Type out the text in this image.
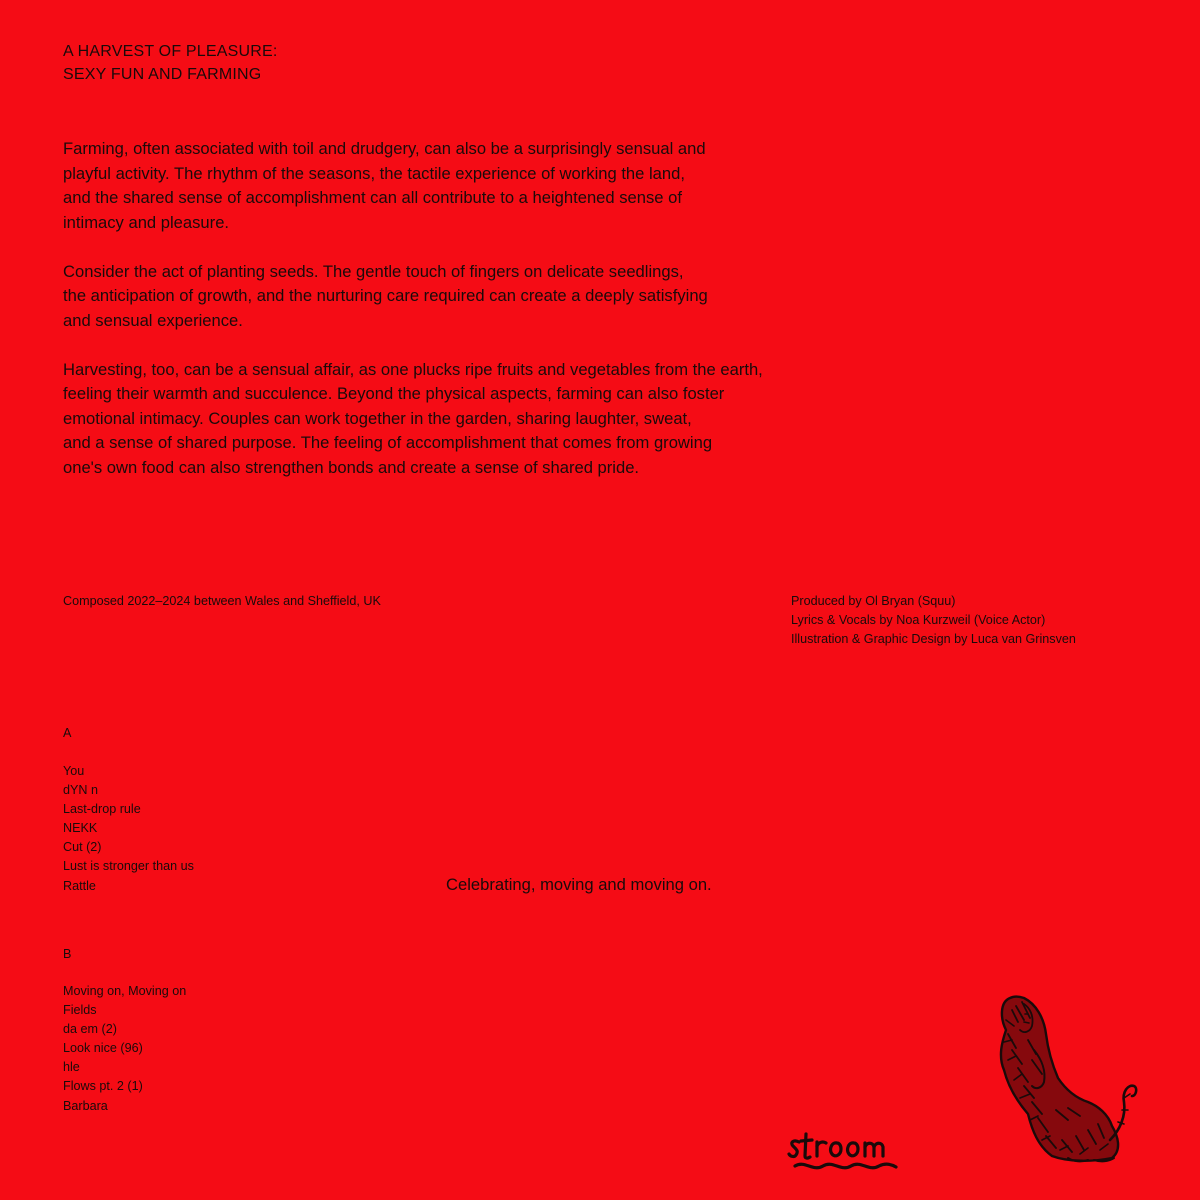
A HARVEST OF PLEASURE:
SEXY FUN AND FARMING

Farming, often associated with toil and drudgery, can also be a surprisingly sensual and
playful activity. The rhythm of the seasons, the tactile experience of working the land,
and the shared sense of accomplishment can all contribute to a heightened sense of
intimacy and pleasure.

Consider the act of planting seeds. The gentle touch of fingers on delicate seedlings,
the anticipation of growth, and the nurturing care required can create a deeply satisfying
and sensual experience.

Harvesting, too, can be a sensual affair, as one plucks ripe fruits and vegetables from the earth,
feeling their warmth and succulence. Beyond the physical aspects, farming can also foster
emotional intimacy. Couples can work together in the garden, sharing laughter, sweat,
and a sense of shared purpose. The feeling of accomplishment that comes from growing
one's own food can also strengthen bonds and create a sense of shared pride.

Composed 2022–2024 between Wales and Sheffield, UK	Produced by Ol Bryan (Squu)
Lyrics & Vocals by Noa Kurzweil (Voice Actor)
Illustration & Graphic Design by Luca van Grinsven
A
You
dYN n
Last-drop rule
NEKK
Cut (2)
Lust is stronger than us
Rattle
B
Moving on, Moving on
Fields
da em (2)
Look nice (96)
hle
Flows pt. 2 (1)
Barbara
Celebrating, moving and moving on.
